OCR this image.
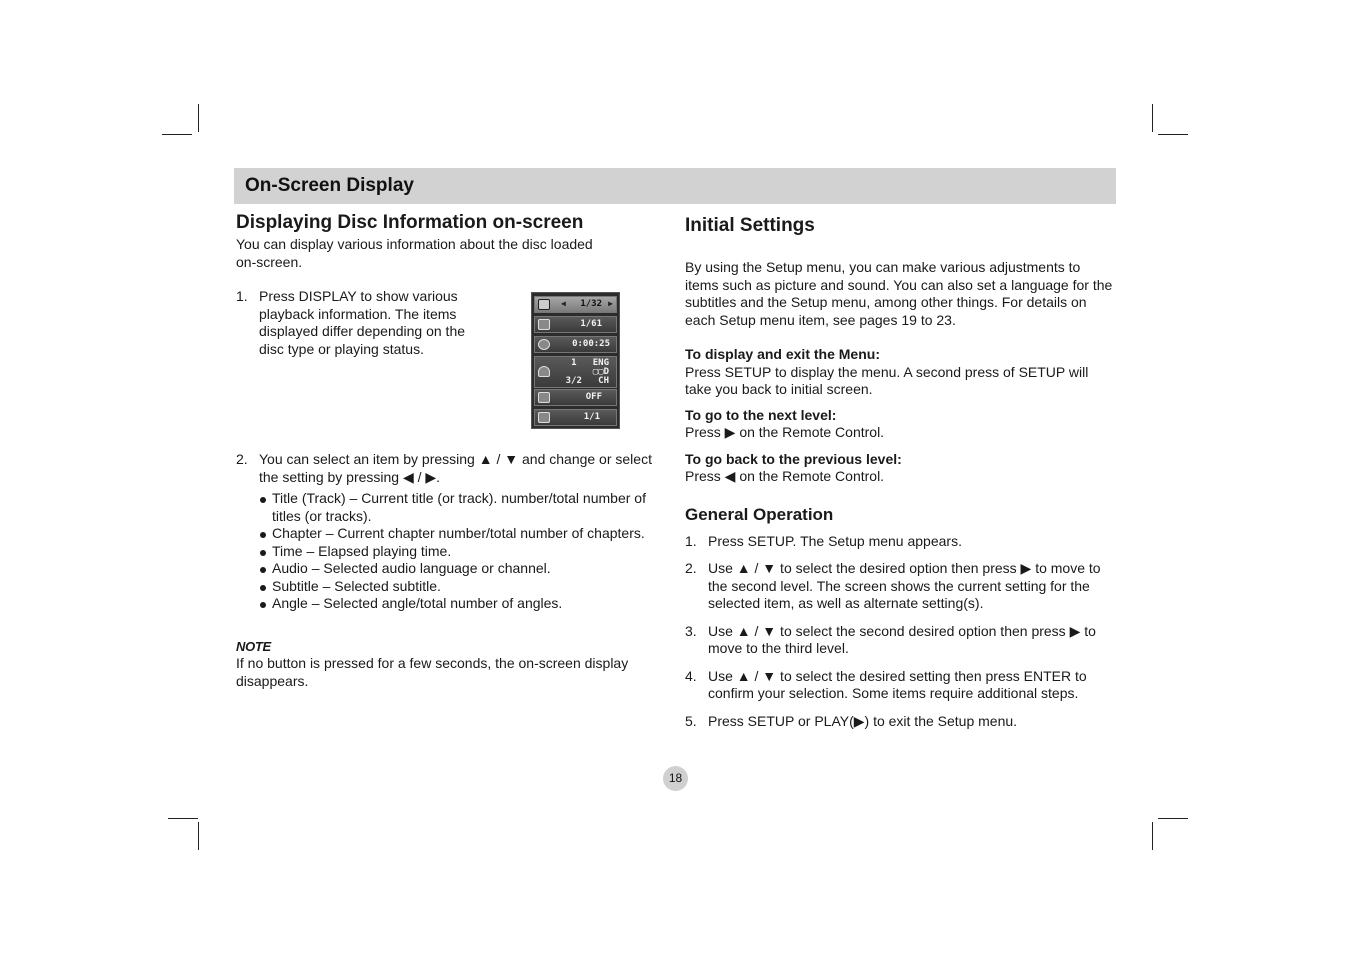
On-Screen Display
Displaying Disc Information on-screen

You can display various information about the disc loaded on-screen.

1. Press DISPLAY to show various playback information. The items displayed differ depending on the disc type or playing status.
2. You can select an item by pressing ▲ / ▼ and change or select the setting by pressing ◀ / ▶.
Title (Track) – Current title (or track). number/total number of titles (or tracks).
Chapter – Current chapter number/total number of chapters.
Time – Elapsed playing time.
Audio – Selected audio language or channel.
Subtitle – Selected subtitle.
Angle – Selected angle/total number of angles.

NOTE

If no button is pressed for a few seconds, the on-screen display disappears.

◀ 1/32 ▶
1/61
0:00:25
1   ENG
▢▢D
3/2   CH
OFF
1/1
Initial Settings

By using the Setup menu, you can make various adjustments to items such as picture and sound. You can also set a language for the subtitles and the Setup menu, among other things. For details on each Setup menu item, see pages 19 to 23.

To display and exit the Menu:

Press SETUP to display the menu. A second press of SETUP will take you back to initial screen.

To go to the next level:

Press ▶ on the Remote Control.

To go back to the previous level:

Press ◀ on the Remote Control.

General Operation
1. Press SETUP. The Setup menu appears.
2. Use ▲ / ▼ to select the desired option then press ▶ to move to the second level. The screen shows the current setting for the selected item, as well as alternate setting(s).
3. Use ▲ / ▼ to select the second desired option then press ▶ to move to the third level.
4. Use ▲ / ▼ to select the desired setting then press ENTER to confirm your selection. Some items require additional steps.
5. Press SETUP or PLAY(▶) to exit the Setup menu.
18
